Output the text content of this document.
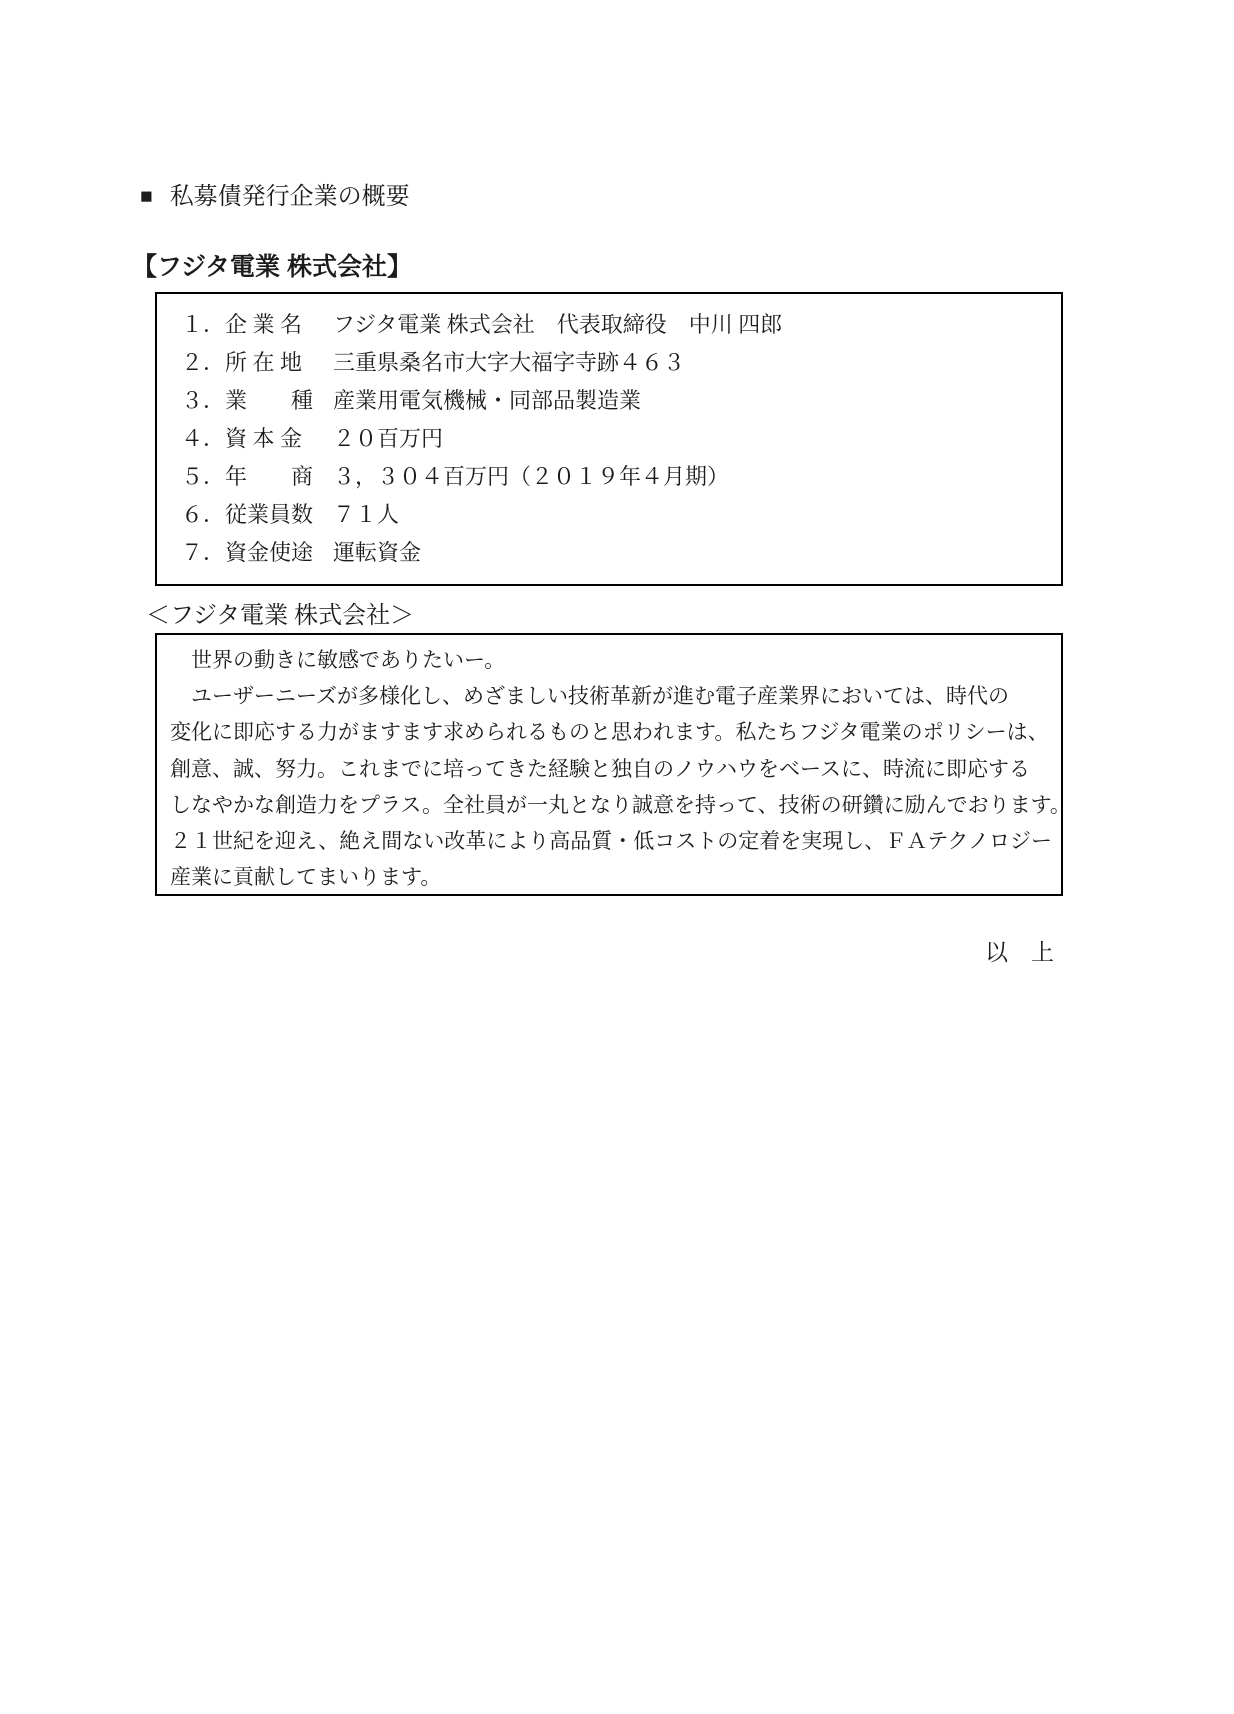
■ 私募債発行企業の概要
【フジタ電業 株式会社】
１．企 業 名	フジタ電業 株式会社　代表取締役　中川 四郎
２．所 在 地	三重県桑名市大字大福字寺跡４６３
３．業　　種 産業用電気機械・同部品製造業
４．資 本 金	２０百万円
５．年　　商 ３，３０４百万円（２０１９年４月期）
６．従業員数 ７１人
７．資金使途 運転資金
＜フジタ電業 株式会社＞
　世界の動きに敏感でありたいー。
　ユーザーニーズが多様化し、めざましい技術革新が進む電子産業界においては、時代の
変化に即応する力がますます求められるものと思われます。私たちフジタ電業のポリシーは、
創意、誠、努力。これまでに培ってきた経験と独自のノウハウをベースに、時流に即応する
しなやかな創造力をプラス。全社員が一丸となり誠意を持って、技術の研鑽に励んでおります。
２１世紀を迎え、絶え間ない改革により高品質・低コストの定着を実現し、ＦＡテクノロジー
産業に貢献してまいります。
以　上
